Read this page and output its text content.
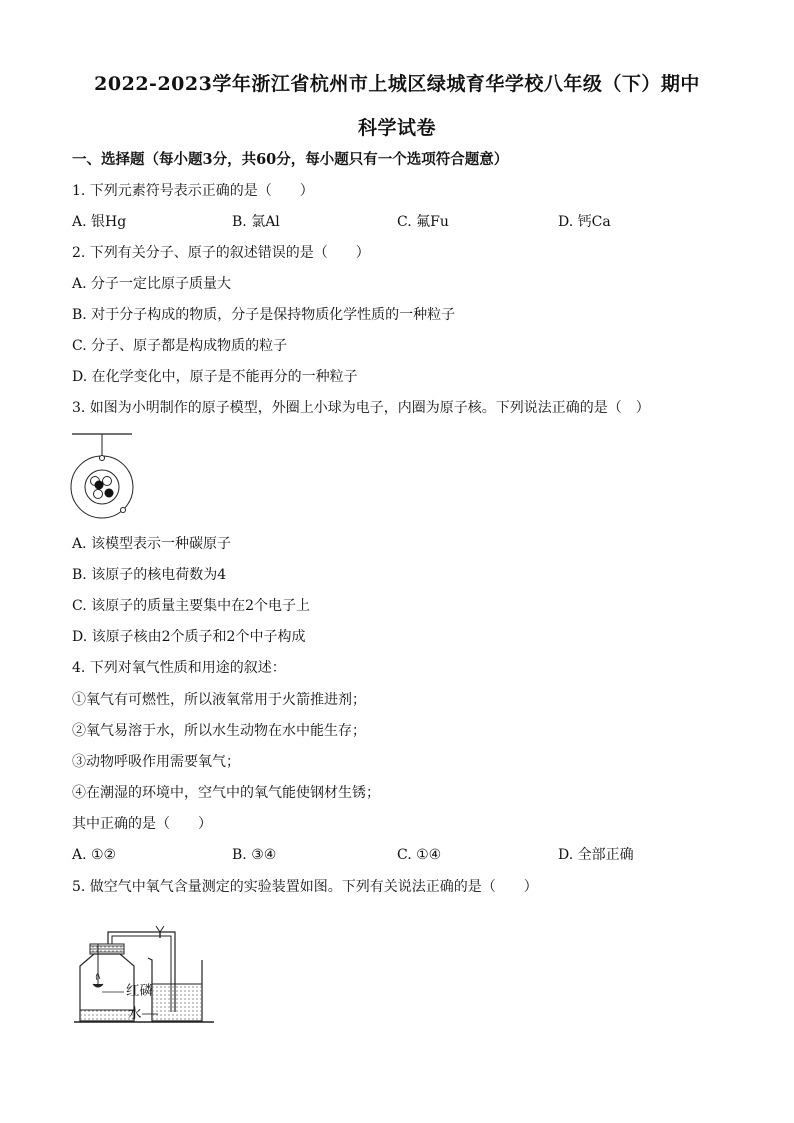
2022-2023学年浙江省杭州市上城区绿城育华学校八年级（下）期中
科学试卷
一、选择题（每小题3分，共60分，每小题只有一个选项符合题意）
1. 下列元素符号表示正确的是（　　）
A. 银Hg	B. 氯Al	C. 氟Fu	D. 钙Ca
2. 下列有关分子、原子的叙述错误的是（　　）
A. 分子一定比原子质量大
B. 对于分子构成的物质，分子是保持物质化学性质的一种粒子
C. 分子、原子都是构成物质的粒子
D. 在化学变化中，原子是不能再分的一种粒子
3. 如图为小明制作的原子模型，外圈上小球为电子，内圈为原子核。下列说法正确的是（　）
A. 该模型表示一种碳原子
B. 该原子的核电荷数为4
C. 该原子的质量主要集中在2个电子上
D. 该原子核由2个质子和2个中子构成
4. 下列对氧气性质和用途的叙述：
①氧气有可燃性，所以液氧常用于火箭推进剂；
②氧气易溶于水，所以水生动物在水中能生存；
③动物呼吸作用需要氧气；
④在潮湿的环境中，空气中的氧气能使钢材生锈；
其中正确的是（　　）
A. ①②	B. ③④	C. ①④	D. 全部正确
5. 做空气中氧气含量测定的实验装置如图。下列有关说法正确的是（　　）
红磷
水
